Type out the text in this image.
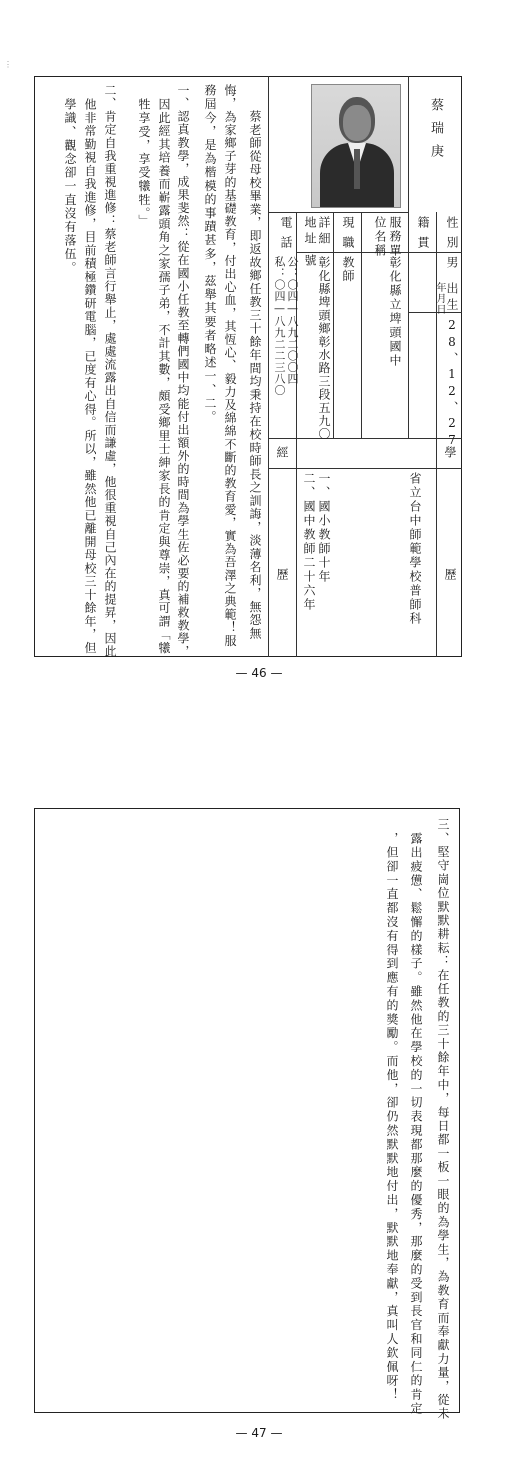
⋮
蔡瑞庚
性別
男
出生
年月日
28、12、27
籍貫
服務單
位名稱
彰化縣立埤頭國中
現職
教師
詳細
地址
號 彰化縣埤頭鄉彰水路三段五九〇
電話
公：〇四—八九二〇〇四
私：〇四—八九二二三八〇
學歷
省立台中師範學校普師科
經歷 一、國小教師十年
二、國中教師二十六年
蔡老師從母校畢業，即返故鄉任教三十餘年間均秉持在校時師長之訓誨，淡薄名利，無怨無
悔，為家鄉子芽的基礎教育，付出心血，其恆心、毅力及綿綿不斷的教育愛，實為吾澤之典範！服
務屆今，是為楷模的事蹟甚多，茲舉其要者略述一、二。
一、認真教學，成果斐然：從在國小任教至轉們國中均能付出額外的時間為學生佐必要的補救教學，
因此經其培養而嶄露頭角之家孺子弟，不計其數，頗受鄉里士紳家長的肯定與尊崇，真可謂「犧
牲享受，享受犧牲。」
二、肯定自我重視進修：蔡老師言行舉止，處處流露出自信而謙虛，他很重視自己內在的提昇，因此
他非常勤視自我進修，目前積極鑽研電腦，已度有心得。所以，雖然他已離開母校三十餘年，但
學識、觀念卻一直沒有落伍。
— 46 —
三、堅守崗位默默耕耘：在任教的三十餘年中，每日都一板一眼的為學生，為教育而奉獻力量，從未
露出疲憊、鬆懈的樣子。雖然他在學校的一切表現都那麼的優秀，那麼的受到長官和同仁的肯定
，但卻一直都沒有得到應有的獎勵。而他，卻仍然默默地付出，默默地奉獻，真叫人欽佩呀！
— 47 —
